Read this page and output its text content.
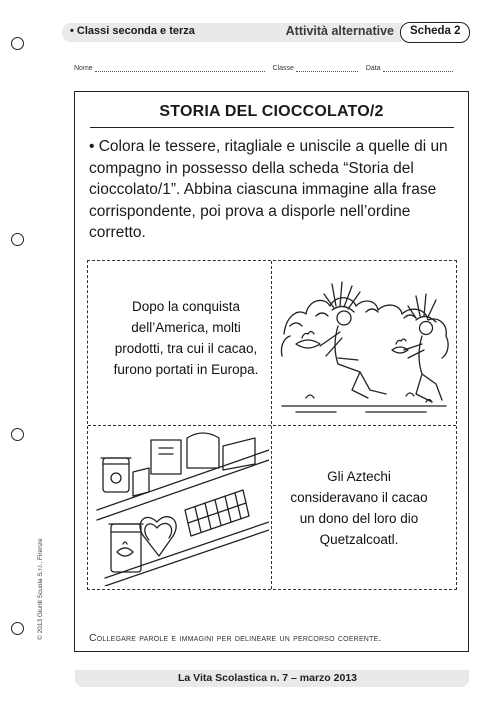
• Classi seconda e terza	Attività alternative Scheda 2
Nome	Classe	Data
STORIA DEL CIOCCOLATO/2
• Colora le tessere, ritagliale e uniscile a quelle di un compagno in possesso della scheda “Storia del cioccolato/1”. Abbina ciascuna immagine alla frase corrispondente, poi prova a disporle nell’ordine corretto.
Dopo la conquista dell’America, molti prodotti, tra cui il cacao, furono portati in Europa.
Gli Aztechi consideravano il cacao un dono del loro dio Quetzalcoatl.
Collegare parole e immagini per delineare un percorso coerente.
© 2013 Giunti Scuola S.r.l., Firenze
La Vita Scolastica n. 7 – marzo 2013
